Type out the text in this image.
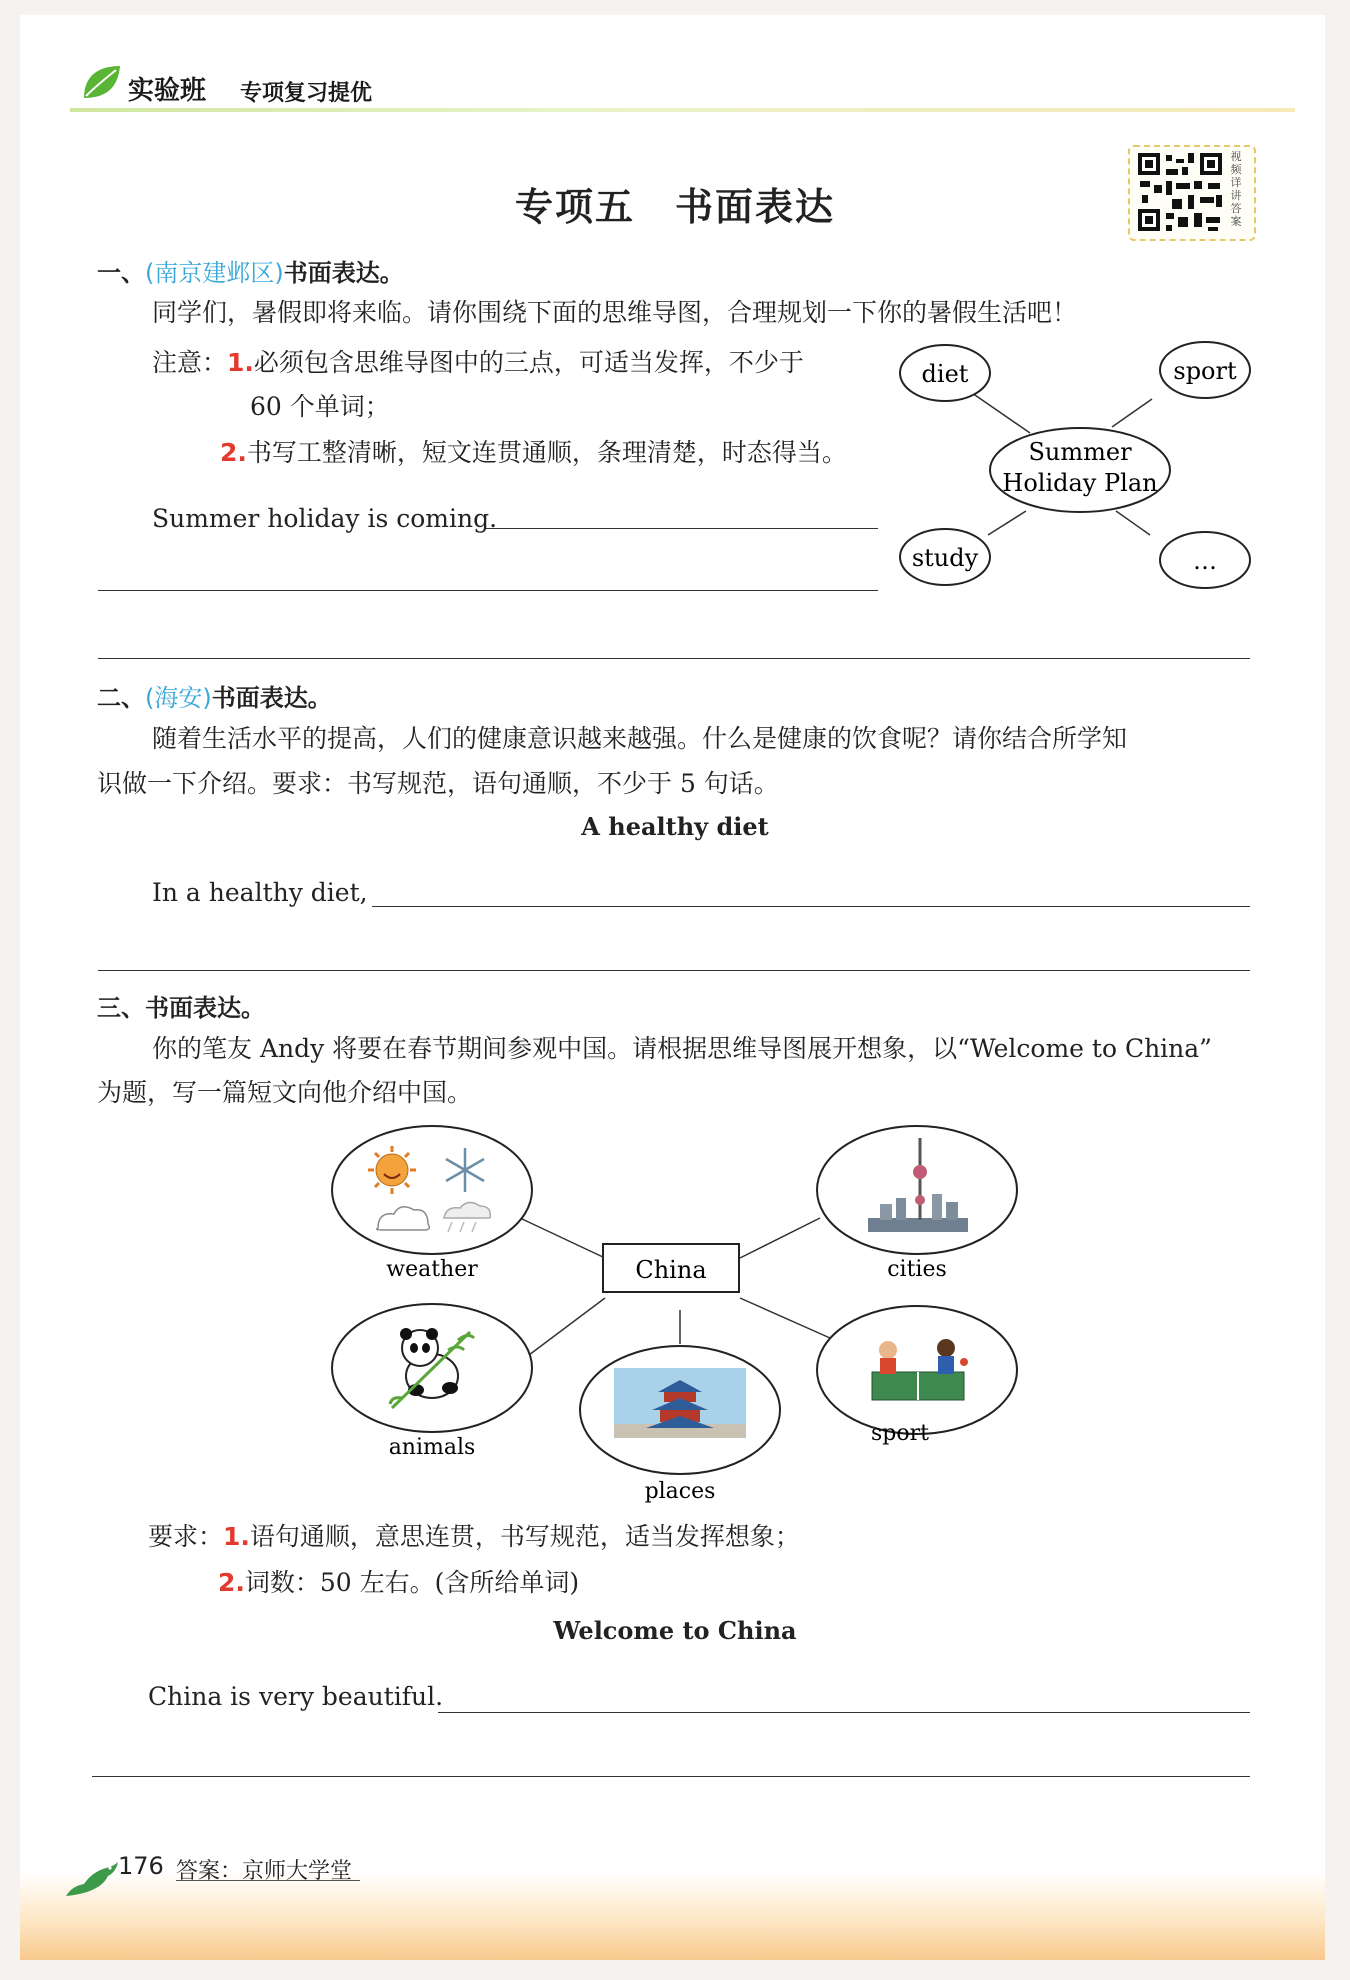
实验班 专项复习提优
专项五　书面表达
视频详讲答案
一、(南京建邺区)书面表达。
同学们，暑假即将来临。请你围绕下面的思维导图，合理规划一下你的暑假生活吧！
注意：1.必须包含思维导图中的三点，可适当发挥，不少于
60 个单词；
2.书写工整清晰，短文连贯通顺，条理清楚，时态得当。
Summer holiday is coming.
Summer
Holiday Plan
diet	sport
study	…
二、(海安)书面表达。
随着生活水平的提高，人们的健康意识越来越强。什么是健康的饮食呢？请你结合所学知
识做一下介绍。要求：书写规范，语句通顺，不少于 5 句话。
A healthy diet
In a healthy diet,
三、书面表达。
你的笔友 Andy 将要在春节期间参观中国。请根据思维导图展开想象，以“Welcome to China”
为题，写一篇短文向他介绍中国。
China
weather	cities
animals
places
sport
要求：1.语句通顺，意思连贯，书写规范，适当发挥想象；
2.词数：50 左右。(含所给单词)
Welcome to China
China is very beautiful.
176 答案：京师大学堂
